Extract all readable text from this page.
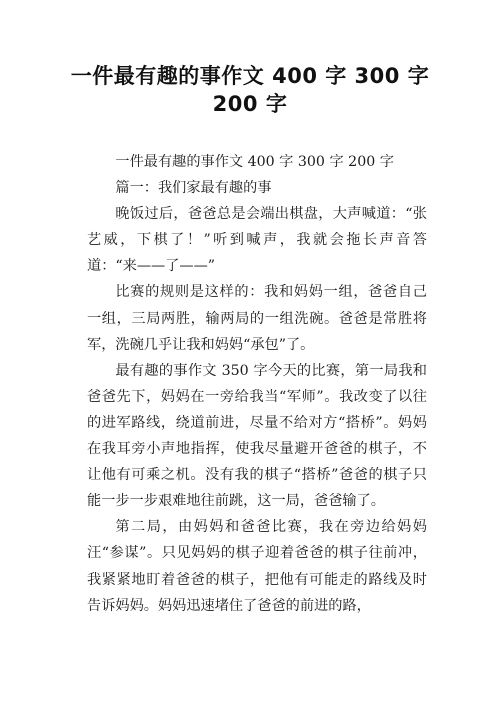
一件最有趣的事作文 400 字 300 字
200 字

一件最有趣的事作文 400 字 300 字 200 字

篇一：我们家最有趣的事

晚饭过后，爸爸总是会端出棋盘，大声喊道：“张艺威，下棋了！”听到喊声，我就会拖长声音答道：“来——了——”

比赛的规则是这样的：我和妈妈一组，爸爸自己一组，三局两胜，输两局的一组洗碗。爸爸是常胜将军，洗碗几乎让我和妈妈“承包”了。

最有趣的事作文 350 字今天的比赛，第一局我和爸爸先下，妈妈在一旁给我当“军师”。我改变了以往的进军路线，绕道前进，尽量不给对方“搭桥”。妈妈在我耳旁小声地指挥，使我尽量避开爸爸的棋子，不让他有可乘之机。没有我的棋子“搭桥”爸爸的棋子只能一步一步艰难地往前跳，这一局，爸爸输了。

第二局，由妈妈和爸爸比赛，我在旁边给妈妈汪“参谋”。只见妈妈的棋子迎着爸爸的棋子往前冲，我紧紧地盯着爸爸的棋子，把他有可能走的路线及时告诉妈妈。妈妈迅速堵住了爸爸的前进的路，
